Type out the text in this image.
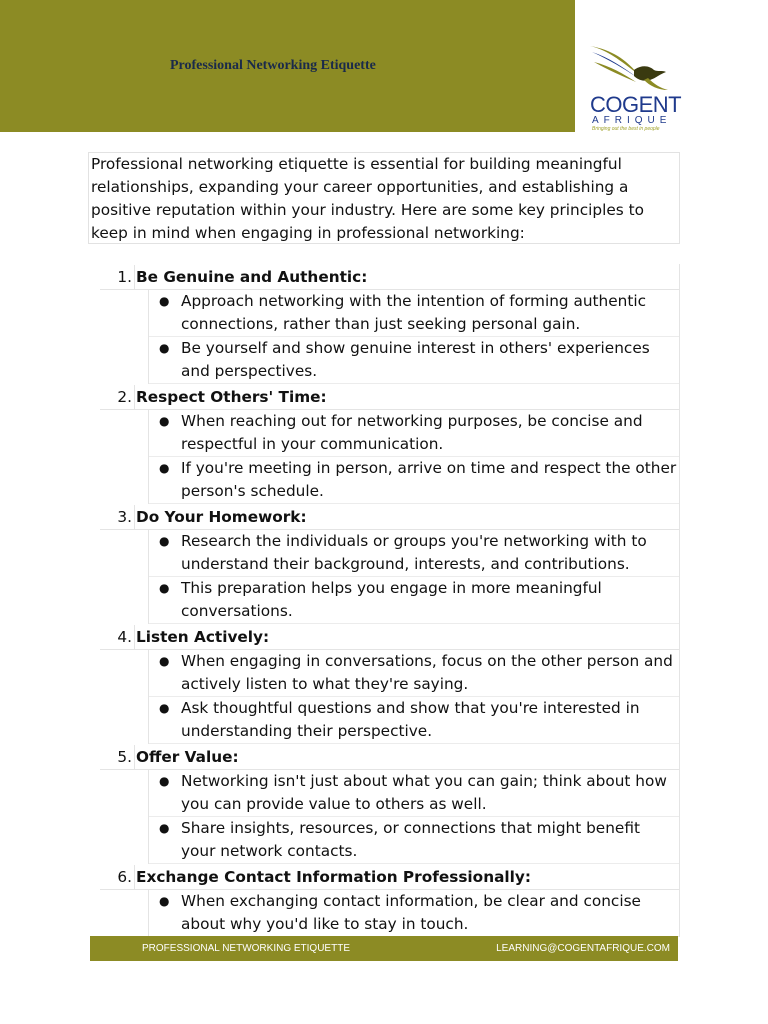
Professional Networking Etiquette
COGENT
AFRIQUE
Bringing out the best in people

Professional networking etiquette is essential for building meaningful relationships, expanding your career opportunities, and establishing a positive reputation within your industry. Here are some key principles to keep in mind when engaging in professional networking:

1. Be Genuine and Authentic:
● Approach networking with the intention of forming authentic connections, rather than just seeking personal gain.
● Be yourself and show genuine interest in others' experiences and perspectives.
2. Respect Others' Time:
● When reaching out for networking purposes, be concise and respectful in your communication.
● If you're meeting in person, arrive on time and respect the other person's schedule.
3. Do Your Homework:
● Research the individuals or groups you're networking with to understand their background, interests, and contributions.
● This preparation helps you engage in more meaningful conversations.
4. Listen Actively:
● When engaging in conversations, focus on the other person and actively listen to what they're saying.
● Ask thoughtful questions and show that you're interested in understanding their perspective.
5. Offer Value:
● Networking isn't just about what you can gain; think about how you can provide value to others as well.
● Share insights, resources, or connections that might benefit your network contacts.
6. Exchange Contact Information Professionally:
● When exchanging contact information, be clear and concise about why you'd like to stay in touch.
PROFESSIONAL NETWORKING ETIQUETTE	LEARNING@COGENTAFRIQUE.COM
